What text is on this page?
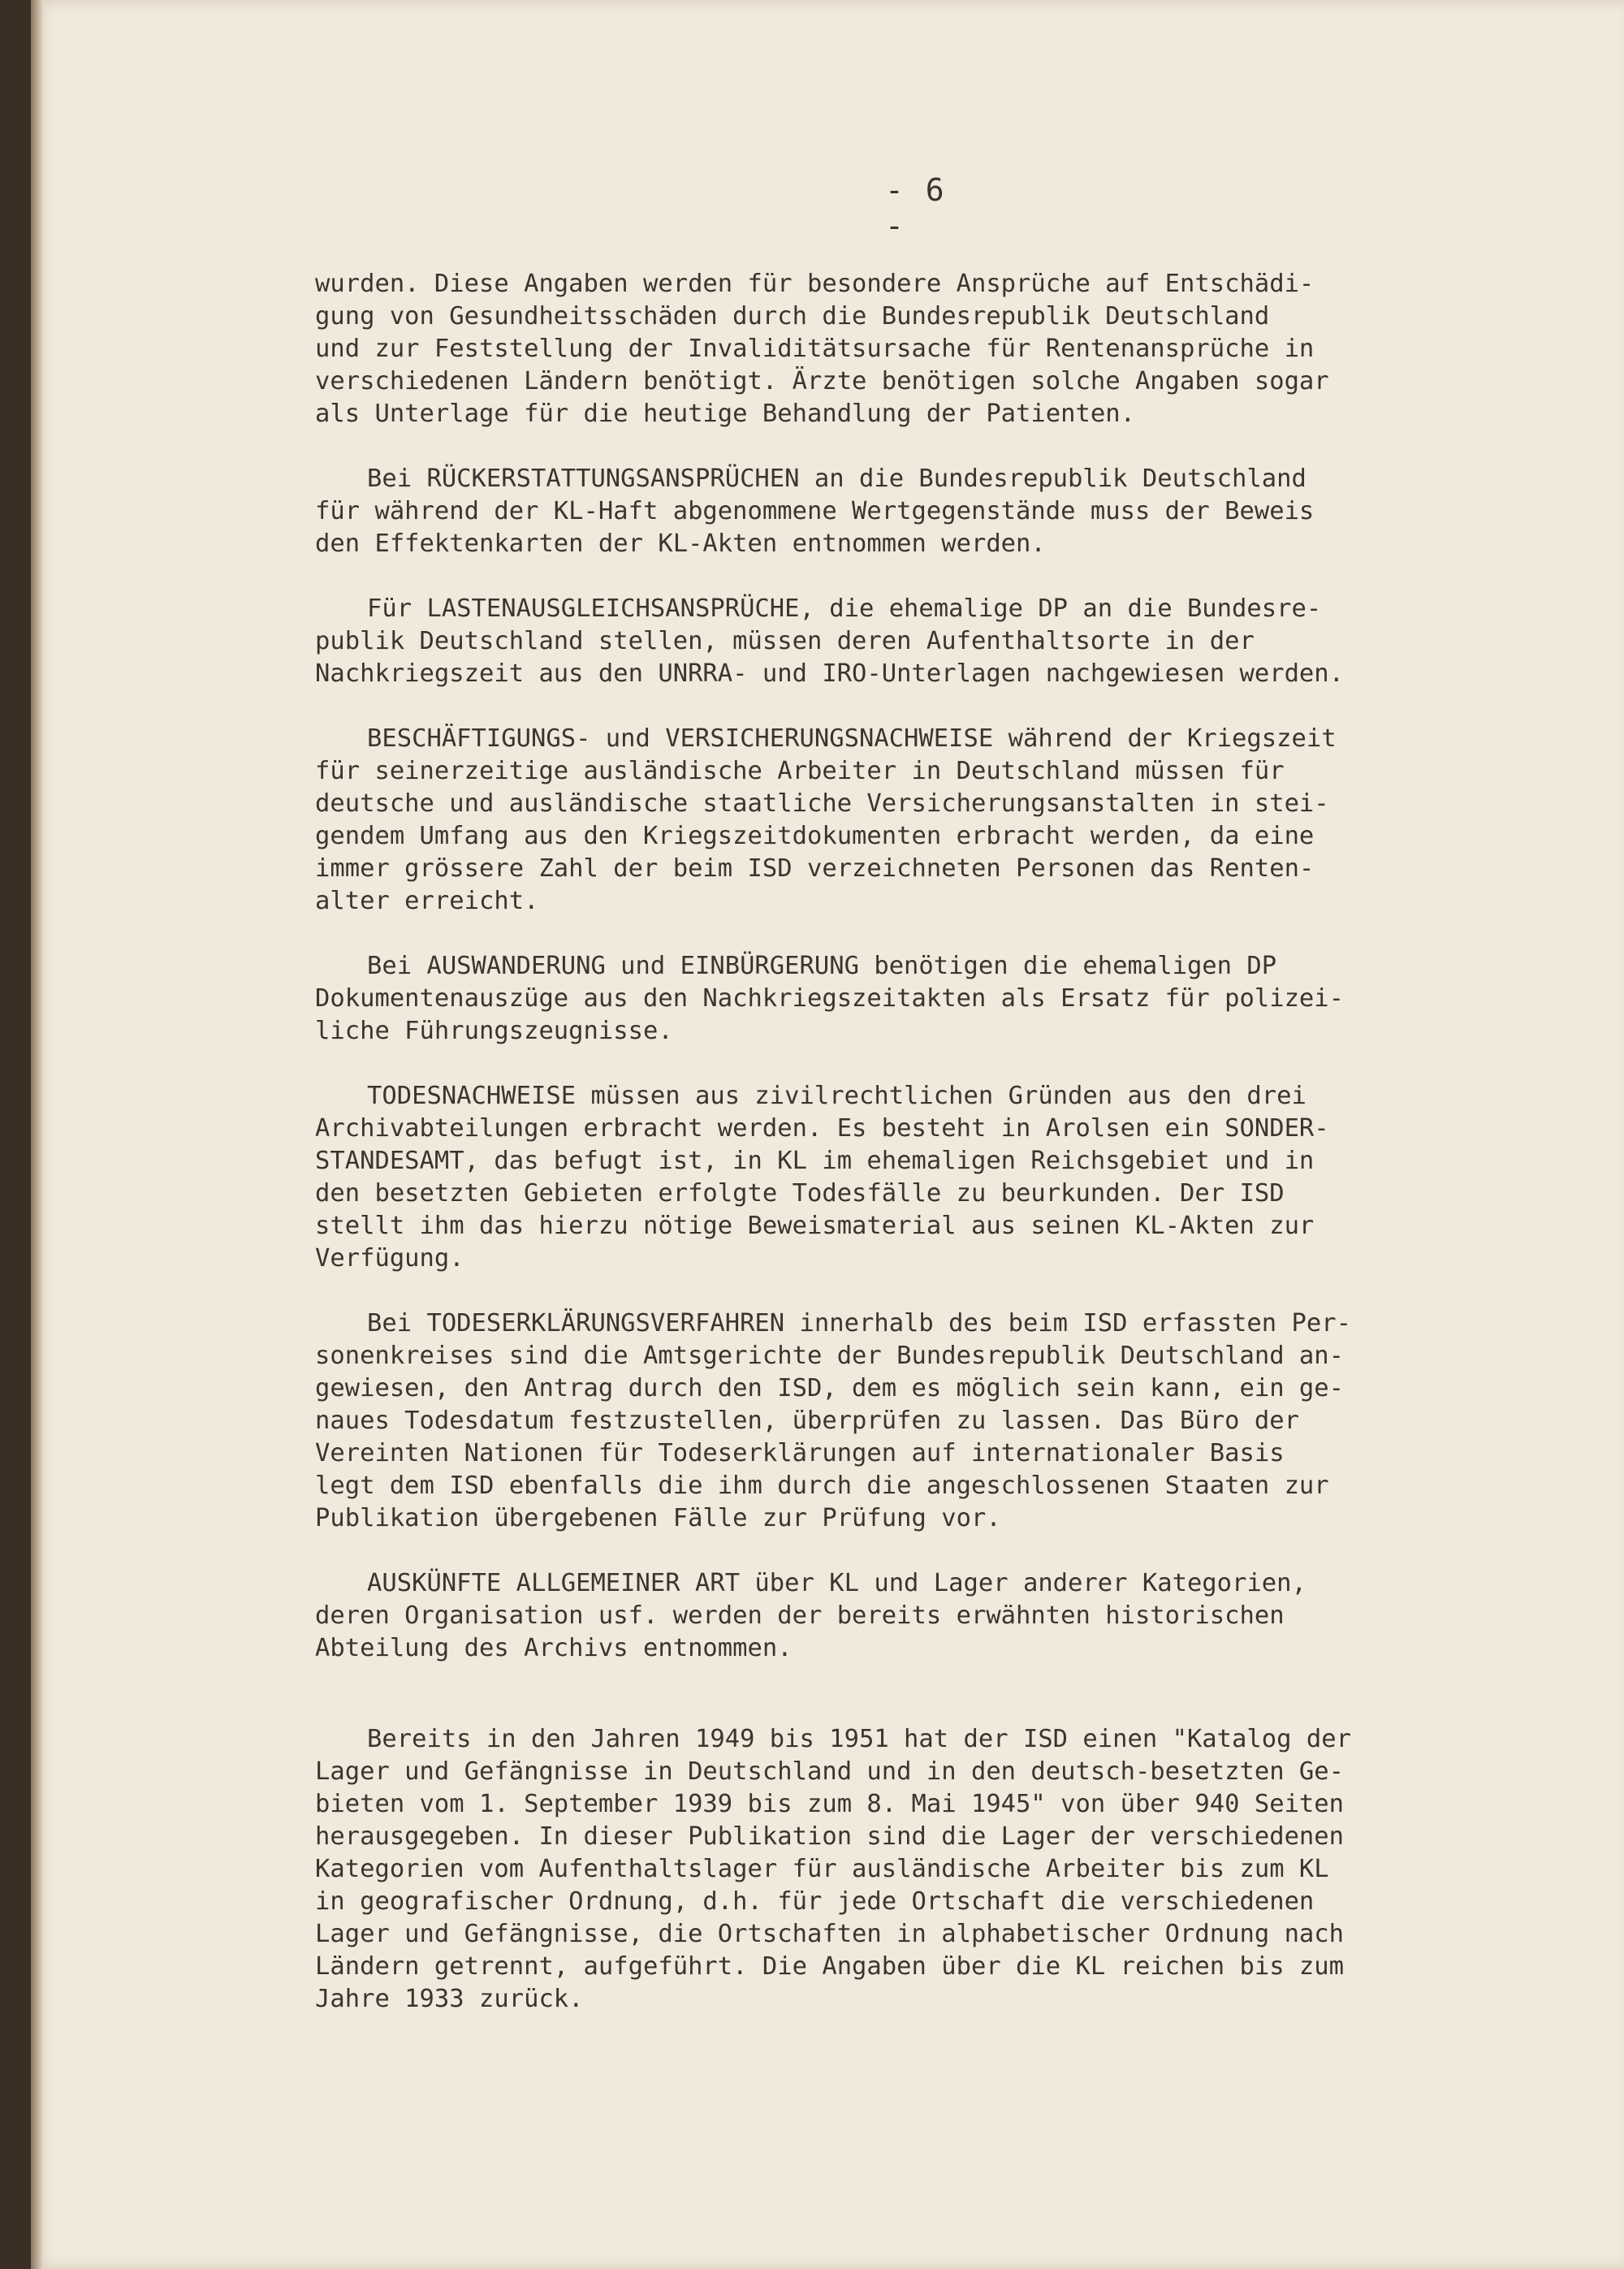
- 6 -
wurden. Diese Angaben werden für besondere Ansprüche auf Entschädi-
gung von Gesundheitsschäden durch die Bundesrepublik Deutschland
und zur Feststellung der Invaliditätsursache für Rentenansprüche in
verschiedenen Ländern benötigt. Ärzte benötigen solche Angaben sogar
als Unterlage für die heutige Behandlung der Patienten.
Bei RÜCKERSTATTUNGSANSPRÜCHEN an die Bundesrepublik Deutschland
für während der KL-Haft abgenommene Wertgegenstände muss der Beweis
den Effektenkarten der KL-Akten entnommen werden.
Für LASTENAUSGLEICHSANSPRÜCHE, die ehemalige DP an die Bundesre-
publik Deutschland stellen, müssen deren Aufenthaltsorte in der
Nachkriegszeit aus den UNRRA- und IRO-Unterlagen nachgewiesen werden.
BESCHÄFTIGUNGS- und VERSICHERUNGSNACHWEISE während der Kriegszeit
für seinerzeitige ausländische Arbeiter in Deutschland müssen für
deutsche und ausländische staatliche Versicherungsanstalten in stei-
gendem Umfang aus den Kriegszeitdokumenten erbracht werden, da eine
immer grössere Zahl der beim ISD verzeichneten Personen das Renten-
alter erreicht.
Bei AUSWANDERUNG und EINBÜRGERUNG benötigen die ehemaligen DP
Dokumentenauszüge aus den Nachkriegszeitakten als Ersatz für polizei-
liche Führungszeugnisse.
TODESNACHWEISE müssen aus zivilrechtlichen Gründen aus den drei
Archivabteilungen erbracht werden. Es besteht in Arolsen ein SONDER-
STANDESAMT, das befugt ist, in KL im ehemaligen Reichsgebiet und in
den besetzten Gebieten erfolgte Todesfälle zu beurkunden. Der ISD
stellt ihm das hierzu nötige Beweismaterial aus seinen KL-Akten zur
Verfügung.
Bei TODESERKLÄRUNGSVERFAHREN innerhalb des beim ISD erfassten Per-
sonenkreises sind die Amtsgerichte der Bundesrepublik Deutschland an-
gewiesen, den Antrag durch den ISD, dem es möglich sein kann, ein ge-
naues Todesdatum festzustellen, überprüfen zu lassen. Das Büro der
Vereinten Nationen für Todeserklärungen auf internationaler Basis
legt dem ISD ebenfalls die ihm durch die angeschlossenen Staaten zur
Publikation übergebenen Fälle zur Prüfung vor.
AUSKÜNFTE ALLGEMEINER ART über KL und Lager anderer Kategorien,
deren Organisation usf. werden der bereits erwähnten historischen
Abteilung des Archivs entnommen.
Bereits in den Jahren 1949 bis 1951 hat der ISD einen "Katalog der
Lager und Gefängnisse in Deutschland und in den deutsch-besetzten Ge-
bieten vom 1. September 1939 bis zum 8. Mai 1945" von über 940 Seiten
herausgegeben. In dieser Publikation sind die Lager der verschiedenen
Kategorien vom Aufenthaltslager für ausländische Arbeiter bis zum KL
in geografischer Ordnung, d.h. für jede Ortschaft die verschiedenen
Lager und Gefängnisse, die Ortschaften in alphabetischer Ordnung nach
Ländern getrennt, aufgeführt. Die Angaben über die KL reichen bis zum
Jahre 1933 zurück.
